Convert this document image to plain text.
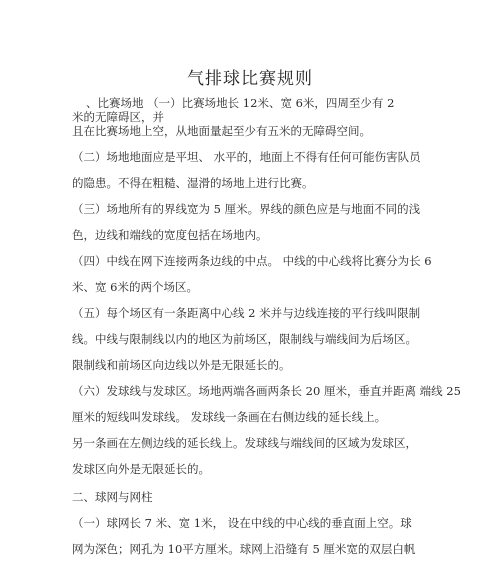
气排球比赛规则
、比赛场地 （一）比赛场地长 12米、宽 6米，四周至少有 2
米的无障碍区，并
且在比赛场地上空，从地面量起至少有五米的无障碍空间。
（二）场地地面应是平坦、 水平的，地面上不得有任何可能伤害队员
的隐患。不得在粗糙、湿滑的场地上进行比赛。
（三）场地所有的界线宽为 5 厘米。界线的颜色应是与地面不同的浅
色，边线和端线的宽度包括在场地内。
（四）中线在网下连接两条边线的中点。 中线的中心线将比赛分为长 6
米、宽 6米的两个场区。
（五）每个场区有一条距离中心线 2 米并与边线连接的平行线叫限制
线。中线与限制线以内的地区为前场区，限制线与端线间为后场区。
限制线和前场区向边线以外是无限延长的。
（六）发球线与发球区。场地两端各画两条长 20 厘米，垂直并距离 端线 25
厘米的短线叫发球线。 发球线一条画在右侧边线的延长线上。
另一条画在左侧边线的延长线上。发球线与端线间的区域为发球区，
发球区向外是无限延长的。
二、球网与网柱
（一）球网长 7 米、宽 1米， 设在中线的中心线的垂直面上空。球
网为深色；网孔为 10平方厘米。球网上沿缝有 5 厘米宽的双层白帆
